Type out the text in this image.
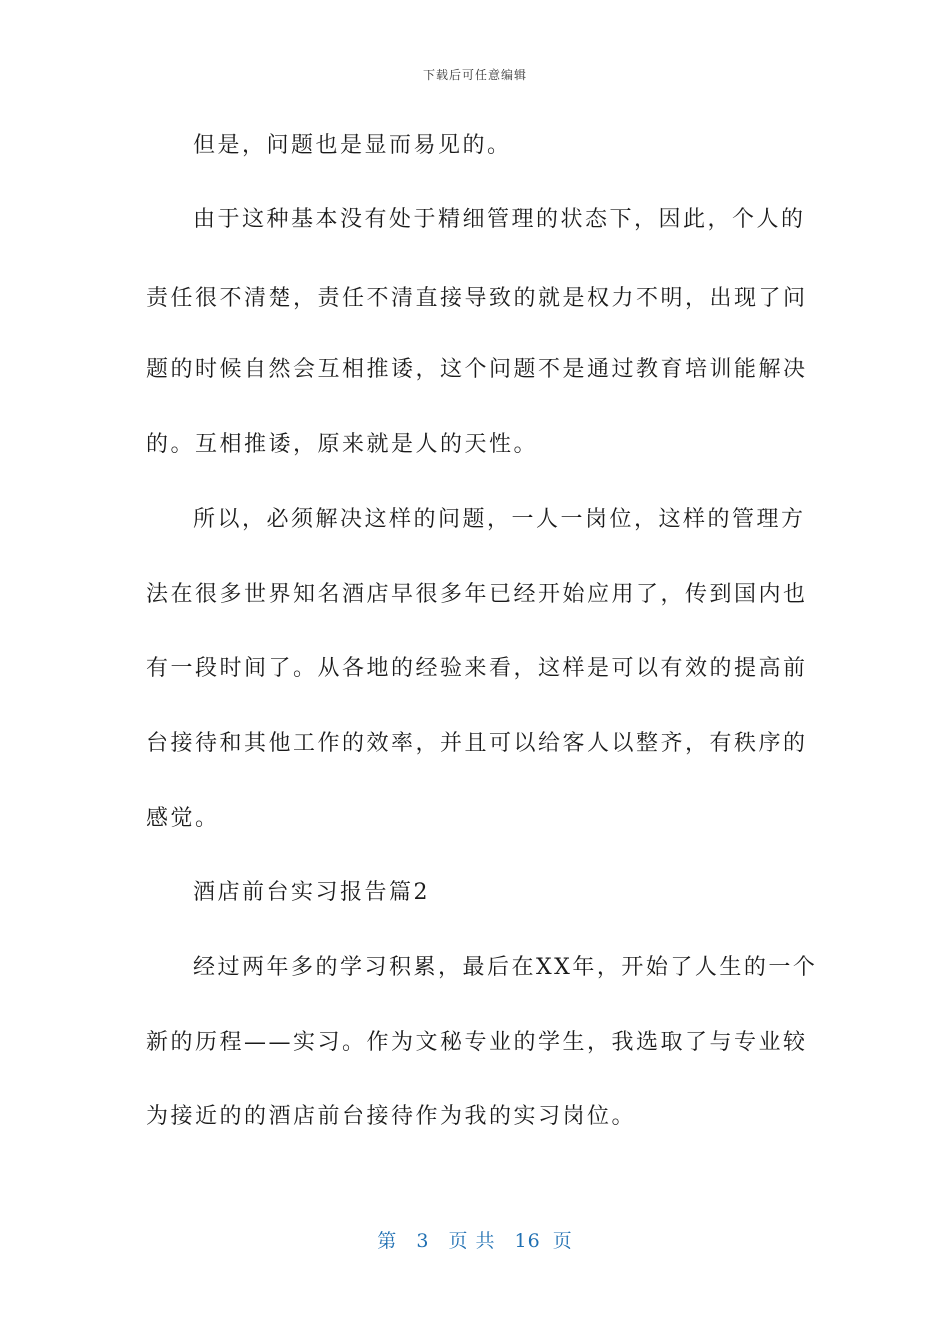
下载后可任意编辑
但是，问题也是显而易见的。
由于这种基本没有处于精细管理的状态下，因此，个人的
责任很不清楚，责任不清直接导致的就是权力不明，出现了问
题的时候自然会互相推诿，这个问题不是通过教育培训能解决
的。互相推诿，原来就是人的天性。
所以，必须解决这样的问题，一人一岗位，这样的管理方
法在很多世界知名酒店早很多年已经开始应用了，传到国内也
有一段时间了。从各地的经验来看，这样是可以有效的提高前
台接待和其他工作的效率，并且可以给客人以整齐，有秩序的
感觉。
酒店前台实习报告篇2
经过两年多的学习积累，最后在XX年，开始了人生的一个
新的历程——实习。作为文秘专业的学生，我选取了与专业较
为接近的的酒店前台接待作为我的实习岗位。
第 3 页 共 16 页
